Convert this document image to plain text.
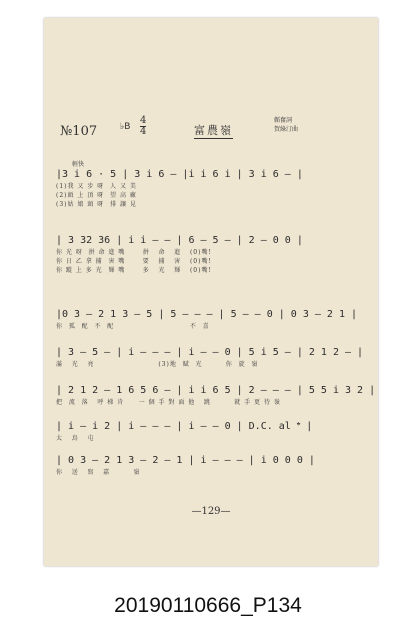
№107	♭B
4
4	富農嶺
韜奮詞
賀綠汀曲
輕快
|3 i 6 · 5 | 3 i 6 — |i i 6 i | 3 i 6 — |
(1)我 又 步 呀  人 又 美
(2)頭 上 頂 呀  望 高 廠
(3)姑 娘 頭 呀  排 讓 見
| 3 32 36 | i i — — | 6 — 5 — | 2 — 0 0 |
你 光 呀  拼 命 進 嘴      拼   命   進   (0)嘴!
你 日 乙 拿 捕  害 嘴      要   捕   害   (0)嘴!
你 蹤 上 多 光  輝 嘴      多   光   輝   (0)嘴!
|0 3 — 2 1 3 — 5 | 5 — — — | 5 — — 0 | 0 3 — 2 1 |
你  孤  配  不  配                          不  喜
| 3 — 5 — | i — — — | i — — 0 | 5 i 5 — | 2 1 2 — |
滿   光   亮                      (3)地  賦  光        你  旋  嶺
| 2 1 2 — 1 6 5 6 — | i i 6 5 | 2 — — — | 5 5 i 3 2 |
把  流  落   呼 梯 肯     一 個 手 對 面 他   跳        就 手 更 待 嶺
| i — i 2 | i — — — | i — — 0 | D.C. al 𝄌 |
太   鳥   屯
| 0 3 — 2 1 3 — 2 — 1 | i — — — | i 0 0 0 |
你   送   寫   嘉        嶺
—129—
20190110666_P134
